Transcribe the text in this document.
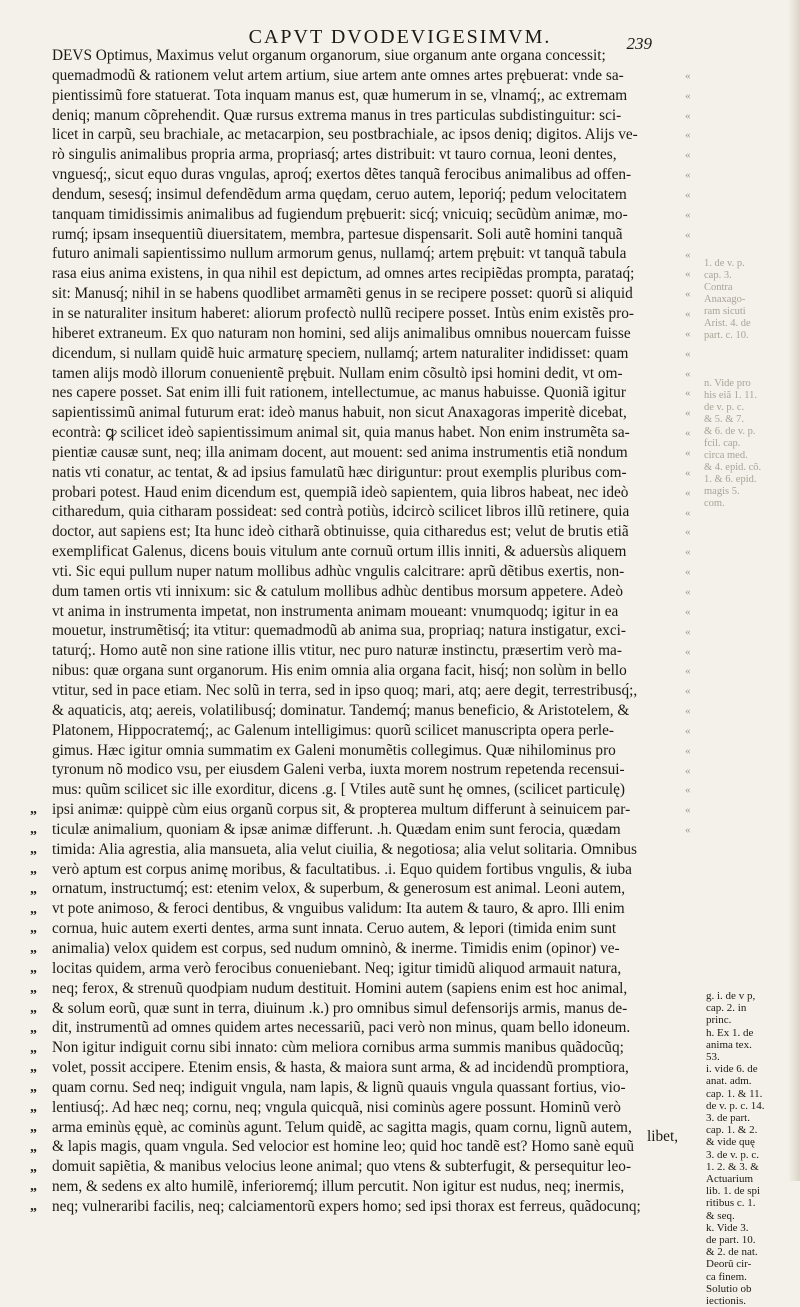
CAPVT DVODEVIGESIMVM.	239
DEVS Optimus, Maximus velut organum organorum, siue organum ante organa concessit;
quemadmodũ & rationem velut artem artium, siue artem ante omnes artes prębuerat: vnde sa-
pientissimũ fore statuerat. Tota inquam manus est, quæ humerum in se, vlnamq́;, ac extremam
deniq; manum cõprehendit. Quæ rursus extrema manus in tres particulas subdistinguitur: sci-
licet in carpũ, seu brachiale, ac metacarpion, seu postbrachiale, ac ipsos deniq; digitos. Alijs ve-
rò singulis animalibus propria arma, propriasq́; artes distribuit: vt tauro cornua, leoni dentes,
vnguesq́;, sicut equo duras vngulas, aproq́; exertos dẽtes tanquã ferocibus animalibus ad offen-
dendum, sesesq́; insimul defendẽdum arma quędam, ceruo autem, leporiq́; pedum velocitatem
tanquam timidissimis animalibus ad fugiendum prębuerit: sicq́; vnicuiq; secũdùm animæ, mo-
rumq́; ipsam insequentiũ diuersitatem, membra, partesue dispensarit. Soli autẽ homini tanquã
futuro animali sapientissimo nullum armorum genus, nullamq́; artem prębuit: vt tanquã tabula
rasa eius anima existens, in qua nihil est depictum, ad omnes artes recipiẽdas prompta, parataq́;
sit: Manusq́; nihil in se habens quodlibet armamẽti genus in se recipere posset: quorũ si aliquid
in se naturaliter insitum haberet: aliorum profectò nullũ recipere posset. Intùs enim existẽs pro-
hiberet extraneum. Ex quo naturam non homini, sed alijs animalibus omnibus nouercam fuisse
dicendum, si nullam quidẽ huic armaturę speciem, nullamq́; artem naturaliter indidisset: quam
tamen alijs modò illorum conuenientẽ prębuit. Nullam enim cõsultò ipsi homini dedit, vt om-
nes capere posset. Sat enim illi fuit rationem, intellectumue, ac manus habuisse. Quoniã igitur
sapientissimũ animal futurum erat: ideò manus habuit, non sicut Anaxagoras imperitè dicebat,
econtrà: ꝙ scilicet ideò sapientissimum animal sit, quia manus habet. Non enim instrumẽta sa-
pientiæ causæ sunt, neq; illa animam docent, aut mouent: sed anima instrumentis etiã nondum
natis vti conatur, ac tentat, & ad ipsius famulatũ hæc diriguntur: prout exemplis pluribus com-
probari potest. Haud enim dicendum est, quempiã ideò sapientem, quia libros habeat, nec ideò
citharedum, quia citharam possideat: sed contrà potiùs, idcircò scilicet libros illũ retinere, quia
doctor, aut sapiens est; Ita hunc ideò citharã obtinuisse, quia citharedus est; velut de brutis etiã
exemplificat Galenus, dicens bouis vitulum ante cornuũ ortum illis inniti, & aduersùs aliquem
vti. Sic equi pullum nuper natum mollibus adhùc vngulis calcitrare: aprũ dẽtibus exertis, non-
dum tamen ortis vti innixum: sic & catulum mollibus adhùc dentibus morsum appetere. Adeò
vt anima in instrumenta impetat, non instrumenta animam moueant: vnumquodq; igitur in ea
mouetur, instrumẽtisq́; ita vtitur: quemadmodũ ab anima sua, propriaq; natura instigatur, exci-
taturq́;. Homo autẽ non sine ratione illis vtitur, nec puro naturæ instinctu, præsertim verò ma-
nibus: quæ organa sunt organorum. His enim omnia alia organa facit, hisq́; non solùm in bello
vtitur, sed in pace etiam. Nec solũ in terra, sed in ipso quoq; mari, atq; aere degit, terrestribusq́;,
& aquaticis, atq; aereis, volatilibusq́; dominatur. Tandemq́; manus beneficio, & Aristotelem, &
Platonem, Hippocratemq́;, ac Galenum intelligimus: quorũ scilicet manuscripta opera perle-
gimus. Hæc igitur omnia summatim ex Galeni monumẽtis collegimus. Quæ nihilominus pro
tyronum nõ modico vsu, per eiusdem Galeni verba, iuxta morem nostrum repetenda recensui-
mus: quũm scilicet sic ille exorditur, dicens .g. [ Vtiles autẽ sunt hę omnes, (scilicet particulę)
ipsi animæ: quippè cùm eius organũ corpus sit, & propterea multum differunt à seinuicem par-
ticulæ animalium, quoniam & ipsæ animæ differunt. .h. Quædam enim sunt ferocia, quædam
timida: Alia agrestia, alia mansueta, alia velut ciuilia, & negotiosa; alia velut solitaria. Omnibus
verò aptum est corpus animę moribus, & facultatibus. .i. Equo quidem fortibus vngulis, & iuba
ornatum, instructumq́; est: etenim velox, & superbum, & generosum est animal. Leoni autem,
vt pote animoso, & feroci dentibus, & vnguibus validum: Ita autem & tauro, & apro. Illi enim
cornua, huic autem exerti dentes, arma sunt innata. Ceruo autem, & lepori (timida enim sunt
animalia) velox quidem est corpus, sed nudum omninò, & inerme. Timidis enim (opinor) ve-
locitas quidem, arma verò ferocibus conueniebant. Neq; igitur timidũ aliquod armauit natura,
neq; ferox, & strenuũ quodpiam nudum destituit. Homini autem (sapiens enim est hoc animal,
& solum eorũ, quæ sunt in terra, diuinum .k.) pro omnibus simul defensorijs armis, manus de-
dit, instrumentũ ad omnes quidem artes necessariũ, paci verò non minus, quam bello idoneum.
Non igitur indiguit cornu sibi innato: cùm meliora cornibus arma summis manibus quãdocũq;
volet, possit accipere. Etenim ensis, & hasta, & maiora sunt arma, & ad incidendũ promptiora,
quam cornu. Sed neq; indiguit vngula, nam lapis, & lignũ quauis vngula quassant fortius, vio-
lentiusq́;. Ad hæc neq; cornu, neq; vngula quicquã, nisi cominùs agere possunt. Hominũ verò
arma eminùs ęquè, ac cominùs agunt. Telum quidẽ, ac sagitta magis, quam cornu, lignũ autem,
& lapis magis, quam vngula. Sed velocior est homine leo; quid hoc tandẽ est? Homo sanè equũ
domuit sapiẽtia, & manibus velocius leone animal; quo vtens & subterfugit, & persequitur leo-
nem, & sedens ex alto humilẽ, inferioremq́; illum percutit. Non igitur est nudus, neq; inermis,
neq; vulneraribi facilis, neq; calciamentorũ expers homo; sed ipsi thorax est ferreus, quãdocunq;
„
„
„
„
„
„
„
„
„
„
„
„
„
„
„
„
„
„
„
„
„
«
«
«
«
«
«
«
«
«
«
«
«
«
«
«
«
«
«
«
«
«
«
«
«
«
«
«
«
«
«
«
«
«
«
«
«
«
«
«
1. de v. p.
cap. 3.
Contra
Anaxago-
ram sicuti
Arist. 4. de
part. c. 10.
n. Vide pro
his eiã 1. 11.
de v. p. c.
& 5. & 7.
& 6. de v. p.
fcil. cap.
circa med.
& 4. epid. cõ.
1. & 6. epid.
magis 5.
com.
g. i. de v p,
cap. 2. in
princ.
h. Ex 1. de
anima tex.
53.
i. vide 6. de
anat. adm.
cap. 1. & 11.
de v. p. c. 14.
3. de part.
cap. 1. & 2.
& vide quę
3. de v. p. c.
1. 2. & 3. &
Actuarium
lib. 1. de spi
ritibus c. 1.
& seq.
k. Vide 3.
de part. 10.
& 2. de nat.
Deorũ cir-
ca finem.
Solutio ob
iectionis.
libet,
